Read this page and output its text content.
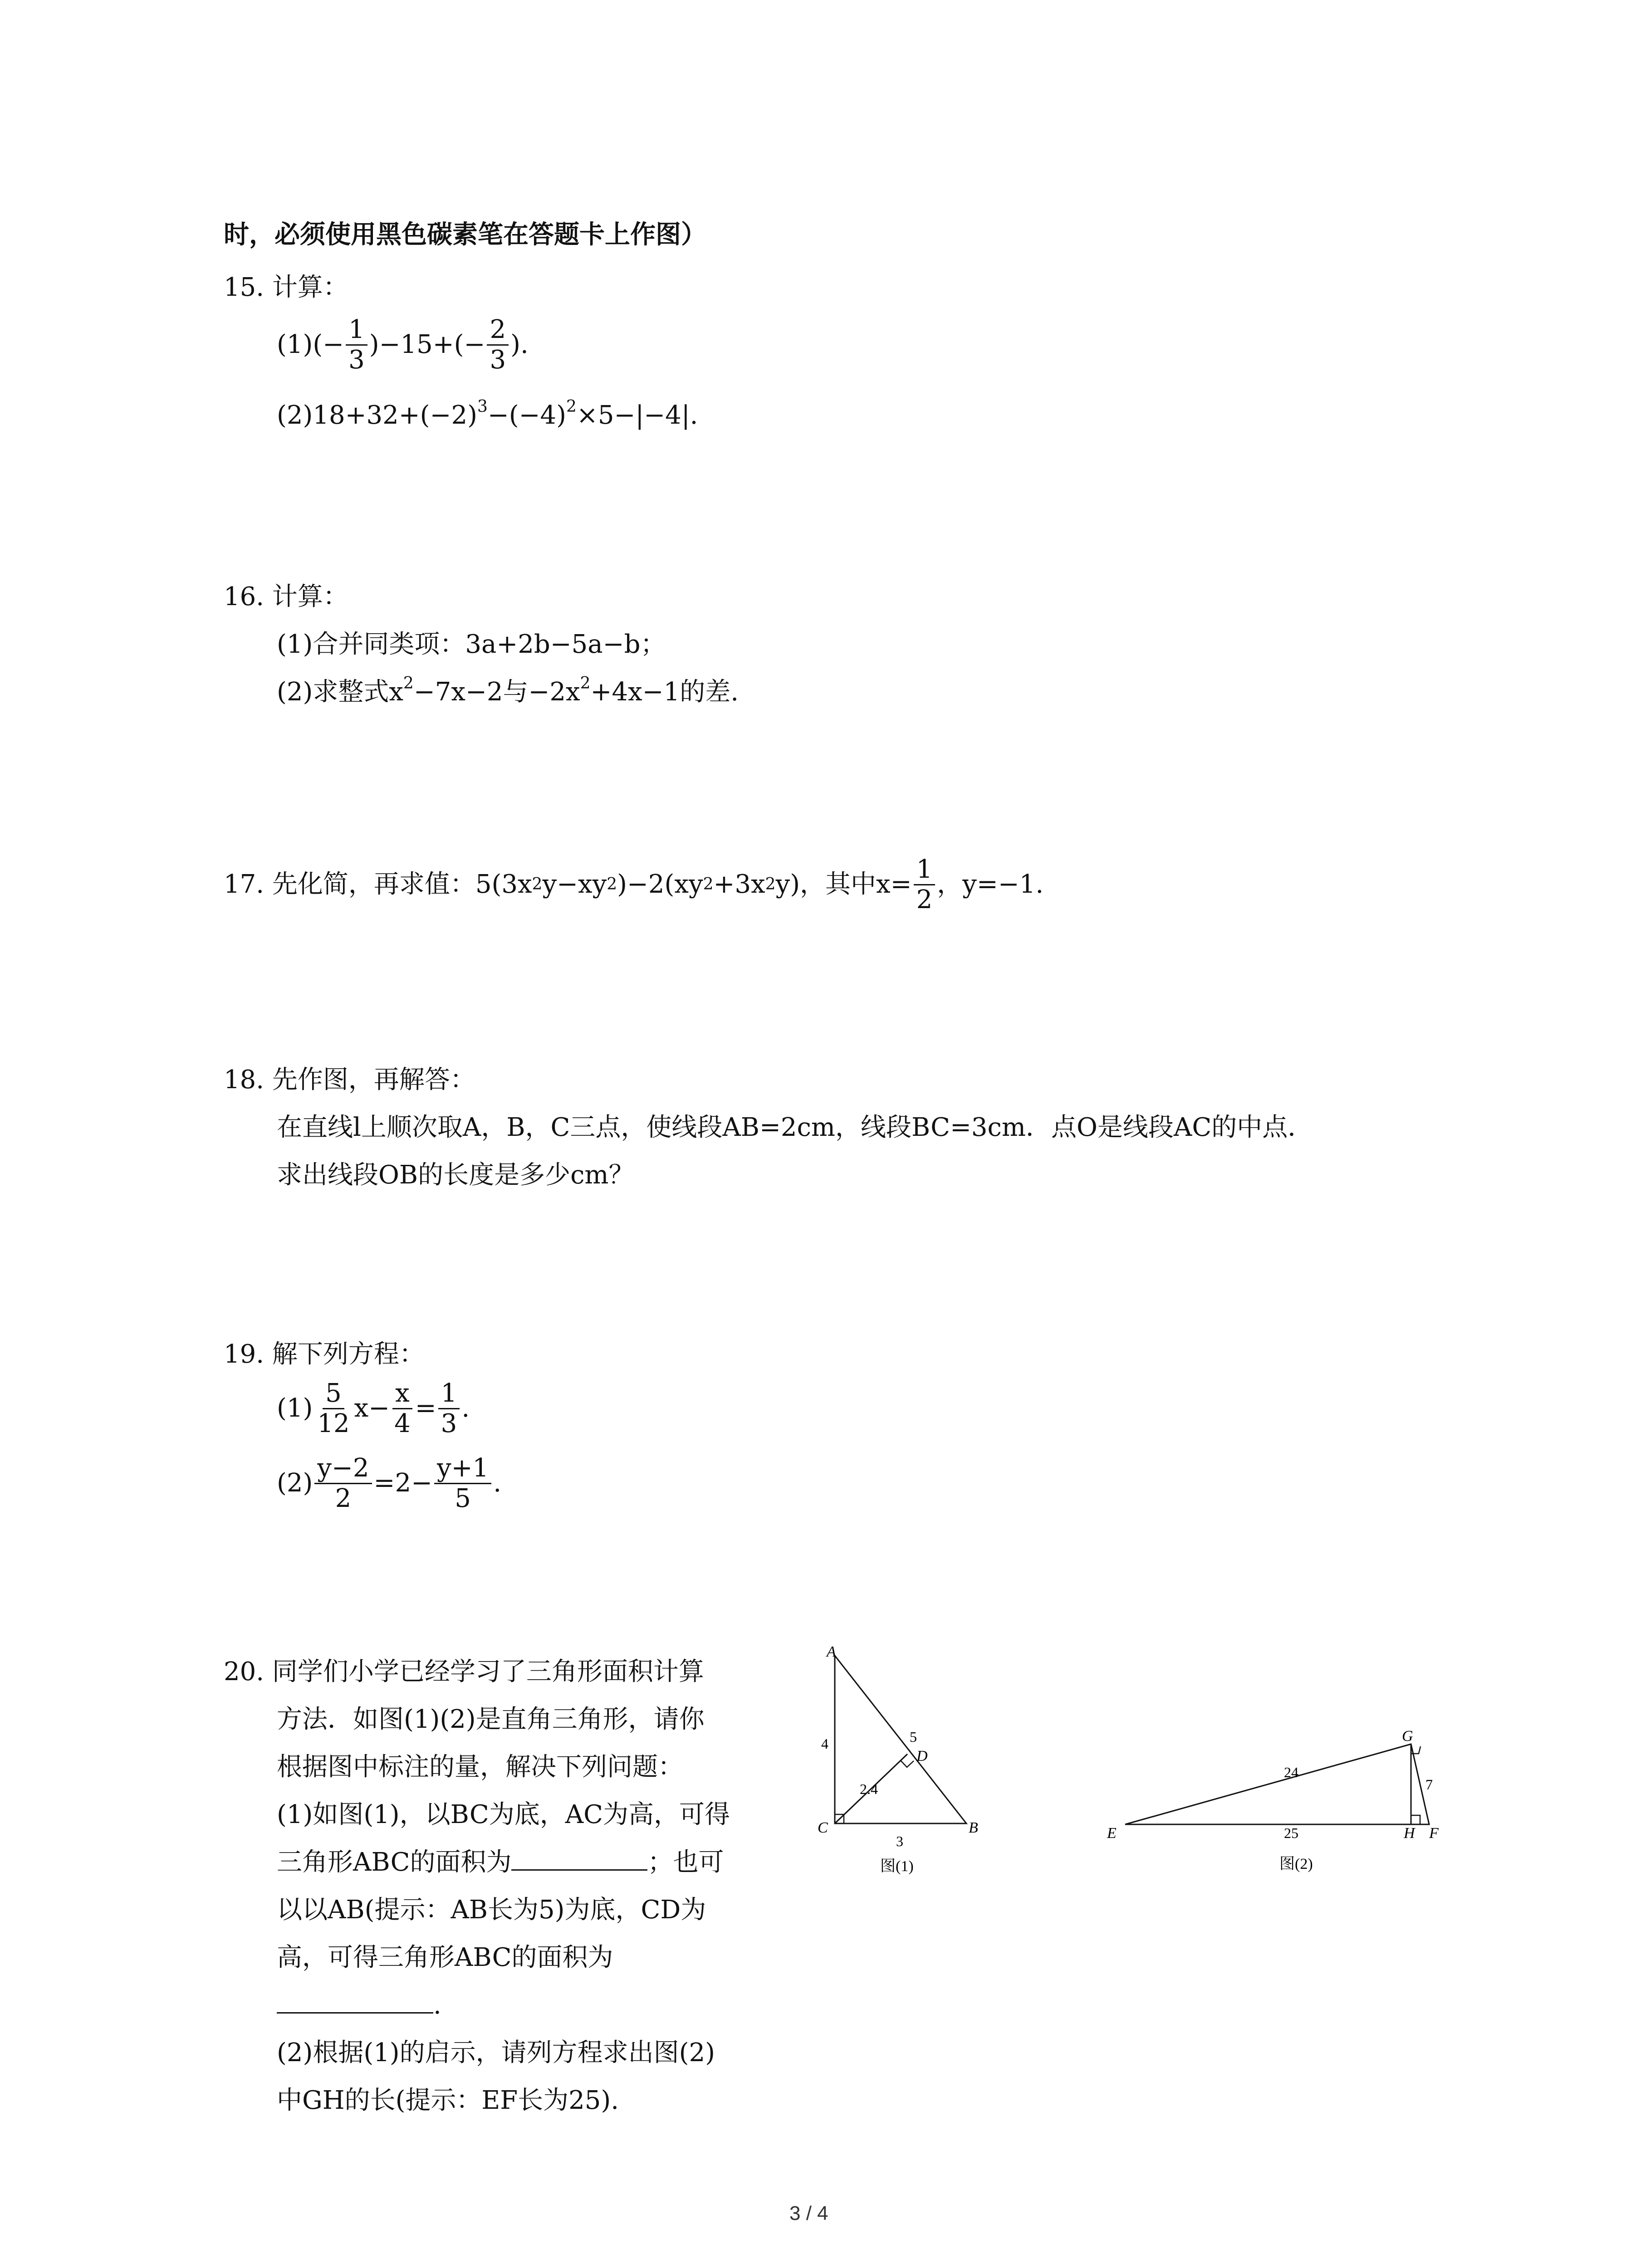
时，必须使用黑色碳素笔在答题卡上作图）
15. 计算：
$(1)(- \frac{1}{3} )-15+(- \frac{2}{3}$ ).
$(2)18+32+(-2)^3-(-4)^2\times 5-|-4|$.
16. 计算：
(1)合并同类项：3a+2b−5a−b；
(2)求整式$x^2-7x-2$与$-2x^2+4x-1$的差.
17. 先化简，再求值：5(3x 2 y−xy 2 )−2(xy 2 +3x 2 y)，其中$x= \frac{1}{2}$ ，y=−1.
18. 先作图，再解答：
在直线l上顺次取A，B，C三点，使线段AB=2cm，线段BC=3cm．点O是线段AC的中点．
求出线段OB的长度是多少cm？
19. 解下列方程：
(1)
5
12
$x- \frac{x}{4} = \frac{1}{3}$ .
$(2) \frac{y-2}{2} =2- \frac{y+1}{5}$ .
20. 同学们小学已经学习了三角形面积计算
方法．如图(1)(2)是直角三角形，请你
根据图中标注的量，解决下列问题：
(1)如图(1)，以BC为底，AC为高，可得
三角形ABC的面积为	；也可
以以AB(提示：AB长为5)为底，CD为
高，可得三角形ABC的面积为
.
(2)根据(1)的启示，请列方程求出图(2)
中GH的长(提示：EF长为25).
A
C	B
D
4	5
2.4
3
图(1)
E
G
H F
24
7
25
图(2)
3 / 4
